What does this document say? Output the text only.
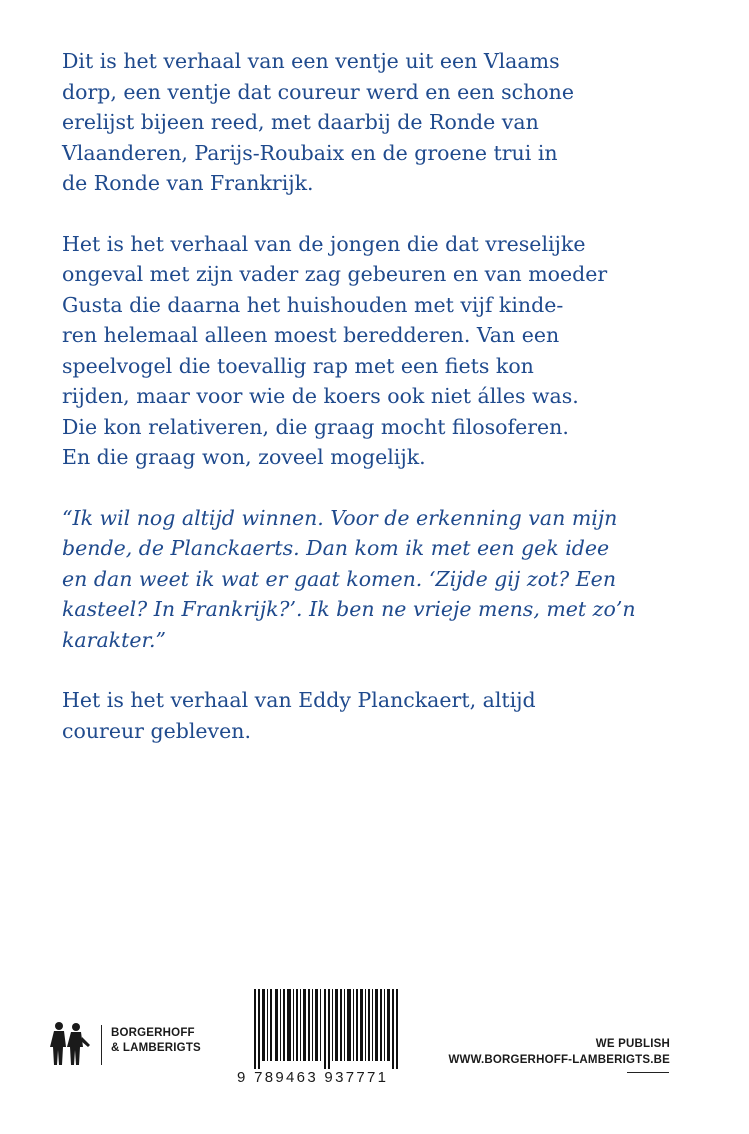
Dit is het verhaal van een ventje uit een Vlaams
dorp, een ventje dat coureur werd en een schone
erelijst bijeen reed, met daarbij de Ronde van
Vlaanderen, Parijs-Roubaix en de groene trui in
de Ronde van Frankrijk.

Het is het verhaal van de jongen die dat vreselijke
ongeval met zijn vader zag gebeuren en van moeder
Gusta die daarna het huishouden met vijf kinde-
ren helemaal alleen moest beredderen. Van een
speelvogel die toevallig rap met een fiets kon
rijden, maar voor wie de koers ook niet álles was.
Die kon relativeren, die graag mocht filosoferen.
En die graag won, zoveel mogelijk.

“Ik wil nog altijd winnen. Voor de erkenning van mijn
bende, de Planckaerts. Dan kom ik met een gek idee
en dan weet ik wat er gaat komen. ‘Zijde gij zot? Een
kasteel? In Frankrijk?’. Ik ben ne vrieje mens, met zo’n
karakter.”

Het is het verhaal van Eddy Planckaert, altijd
coureur gebleven.

BORGERHOFF
& LAMBERIGTS
9 789463 937771
WE PUBLISH
WWW.BORGERHOFF-LAMBERIGTS.BE
